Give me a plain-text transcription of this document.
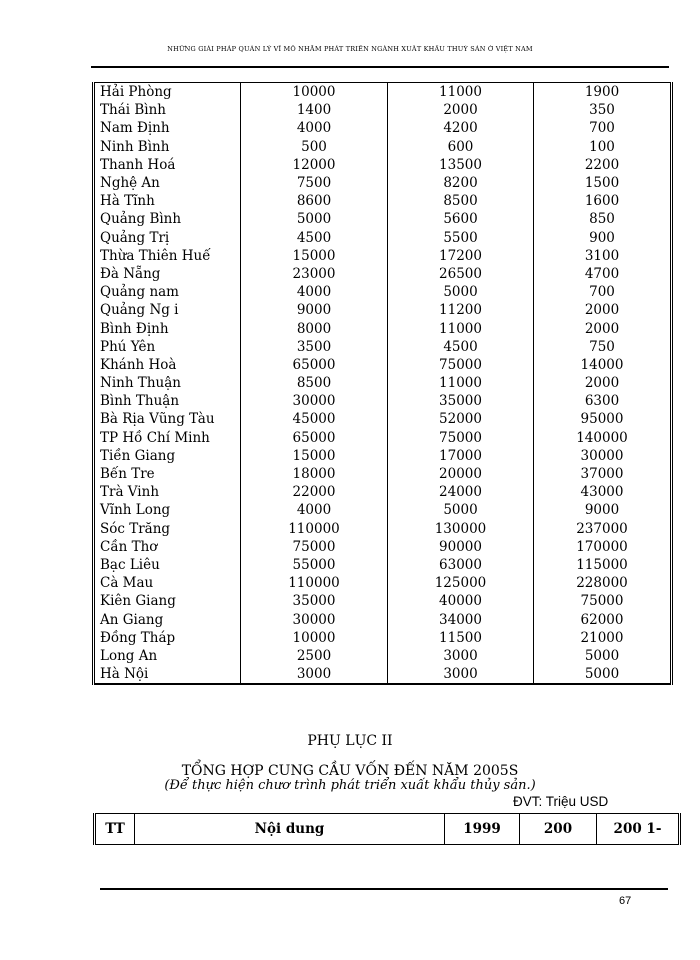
NHỮNG GIẢI PHÁP QUẢN LÝ VĨ MÔ NHẰM PHÁT TRIỂN NGÀNH XUẤT KHẨU THUỶ SẢN Ở VIỆT NAM
Hải Phòng	10000	11000	1900
Thái Bình	1400	2000	350
Nam Định	4000	4200	700
Ninh Bình	500	600	100
Thanh Hoá	12000	13500	2200
Nghệ An	7500	8200	1500
Hà Tĩnh	8600	8500	1600
Quảng Bình	5000	5600	850
Quảng Trị	4500	5500	900
Thừa Thiên Huế	15000	17200	3100
Đà Nẵng	23000	26500	4700
Quảng nam	4000	5000	700
Quảng Ng i	9000	11200	2000
Bình Định	8000	11000	2000
Phú Yên	3500	4500	750
Khánh Hoà	65000	75000	14000
Ninh Thuận	8500	11000	2000
Bình Thuận	30000	35000	6300
Bà Rịa Vũng Tàu	45000	52000	95000
TP Hồ Chí Minh	65000	75000	140000
Tiền Giang	15000	17000	30000
Bến Tre	18000	20000	37000
Trà Vinh	22000	24000	43000
Vĩnh Long	4000	5000	9000
Sóc Trăng	110000	130000	237000
Cần Thơ	75000	90000	170000
Bạc Liêu	55000	63000	115000
Cà Mau	110000	125000	228000
Kiên Giang	35000	40000	75000
An Giang	30000	34000	62000
Đồng Tháp	10000	11500	21000
Long An	2500	3000	5000
Hà Nội	3000	3000	5000
PHỤ LỤC II
TỔNG HỢP CUNG CẦU VỐN ĐẾN NĂM 2005S
(Để thực hiện chươ trình phát triển xuất khẩu thủy sản.)
ĐVT: Triệu USD
TT	Nội dung	1999	200	200 1-
67
